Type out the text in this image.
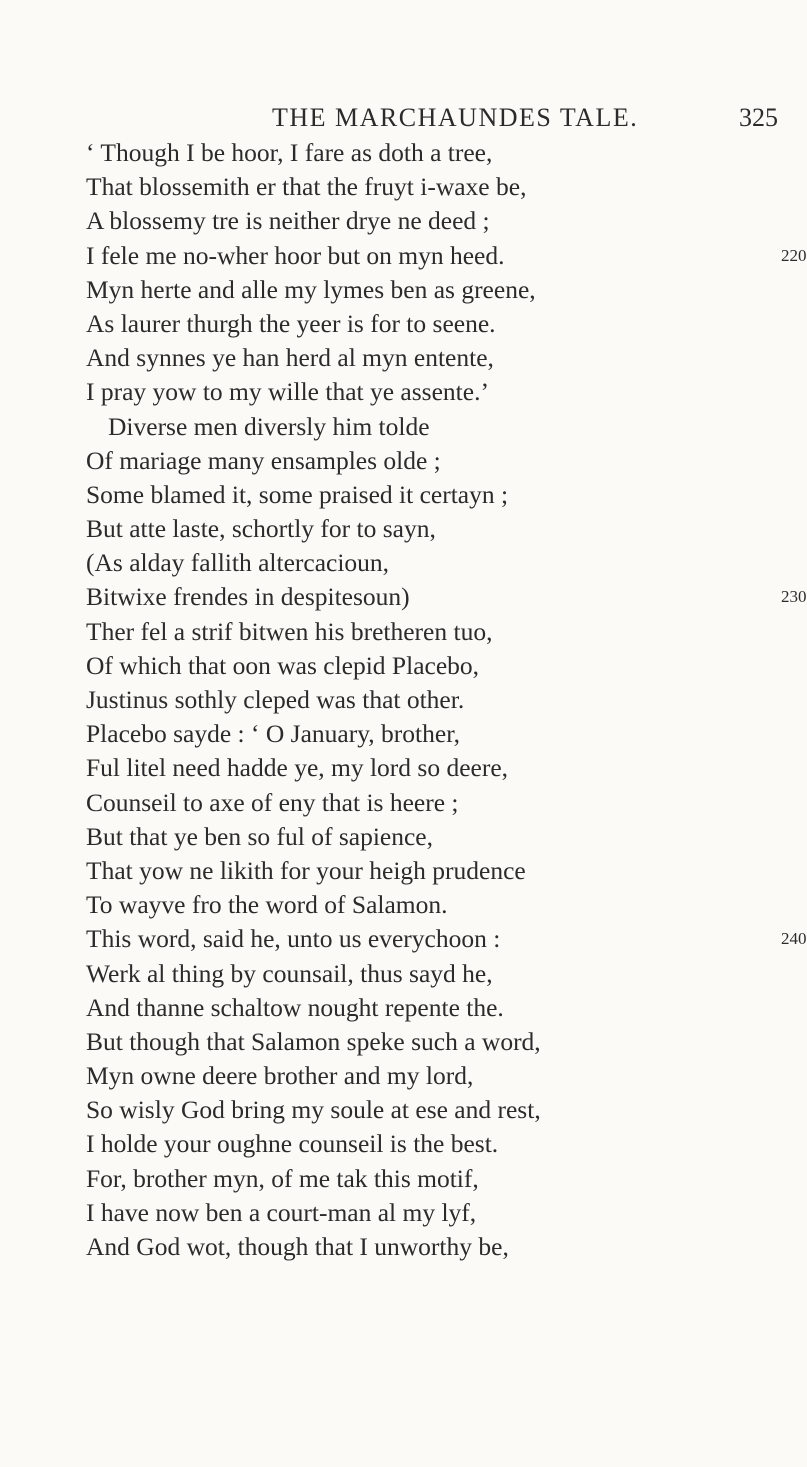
THE MARCHAUNDES TALE.	325
‘ Though I be hoor, I fare as doth a tree,
That blossemith er that the fruyt i-waxe be,
A blossemy tre is neither drye ne deed ;
I fele me no-wher hoor but on myn heed.	220
Myn herte and alle my lymes ben as greene,
As laurer thurgh the yeer is for to seene.
And synnes ye han herd al myn entente,
I pray yow to my wille that ye assente.’
Diverse men diversly him tolde
Of mariage many ensamples olde ;
Some blamed it, some praised it certayn ;
But atte laste, schortly for to sayn,
(As alday fallith altercacioun,
Bitwixe frendes in despitesoun)	230
Ther fel a strif bitwen his bretheren tuo,
Of which that oon was clepid Placebo,
Justinus sothly cleped was that other.
Placebo sayde : ‘ O January, brother,
Ful litel need hadde ye, my lord so deere,
Counseil to axe of eny that is heere ;
But that ye ben so ful of sapience,
That yow ne likith for your heigh prudence
To wayve fro the word of Salamon.
This word, said he, unto us everychoon :	240
Werk al thing by counsail, thus sayd he,
And thanne schaltow nought repente the.
But though that Salamon speke such a word,
Myn owne deere brother and my lord,
So wisly God bring my soule at ese and rest,
I holde your oughne counseil is the best.
For, brother myn, of me tak this motif,
I have now ben a court-man al my lyf,
And God wot, though that I unworthy be,
